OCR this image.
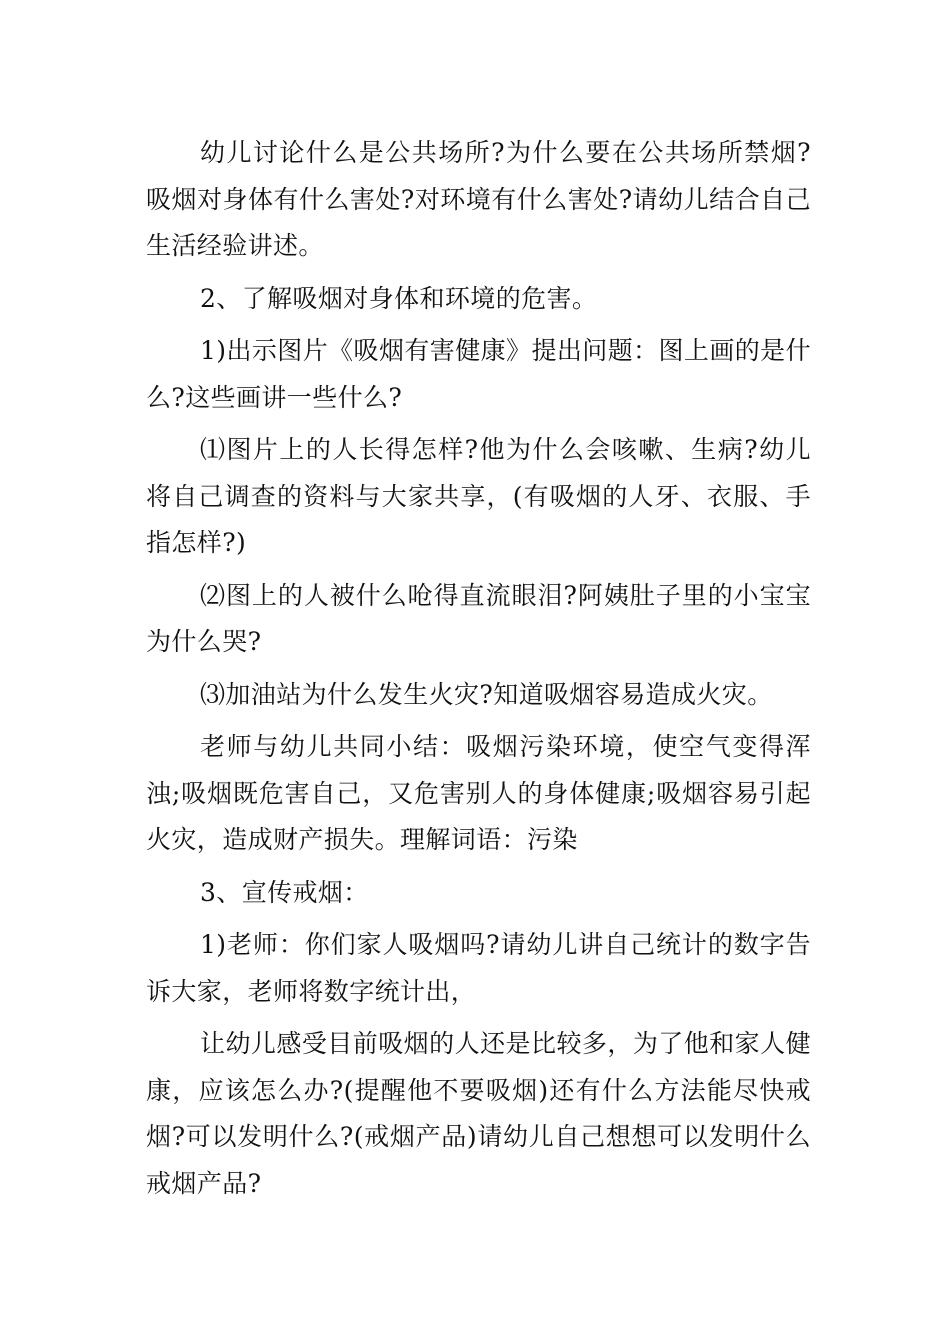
幼儿讨论什么是公共场所?为什么要在公共场所禁烟?吸烟对身体有什么害处?对环境有什么害处?请幼儿结合自己生活经验讲述。

2、了解吸烟对身体和环境的危害。

1)出示图片《吸烟有害健康》提出问题：图上画的是什么?这些画讲一些什么?

⑴图片上的人长得怎样?他为什么会咳嗽、生病?幼儿将自己调查的资料与大家共享，(有吸烟的人牙、衣服、手指怎样?)

⑵图上的人被什么呛得直流眼泪?阿姨肚子里的小宝宝为什么哭?

⑶加油站为什么发生火灾?知道吸烟容易造成火灾。

老师与幼儿共同小结：吸烟污染环境，使空气变得浑浊;吸烟既危害自己，又危害别人的身体健康;吸烟容易引起火灾，造成财产损失。理解词语：污染

3、宣传戒烟：

1)老师：你们家人吸烟吗?请幼儿讲自己统计的数字告诉大家，老师将数字统计出，

让幼儿感受目前吸烟的人还是比较多，为了他和家人健康，应该怎么办?(提醒他不要吸烟)还有什么方法能尽快戒烟?可以发明什么?(戒烟产品)请幼儿自己想想可以发明什么戒烟产品?
